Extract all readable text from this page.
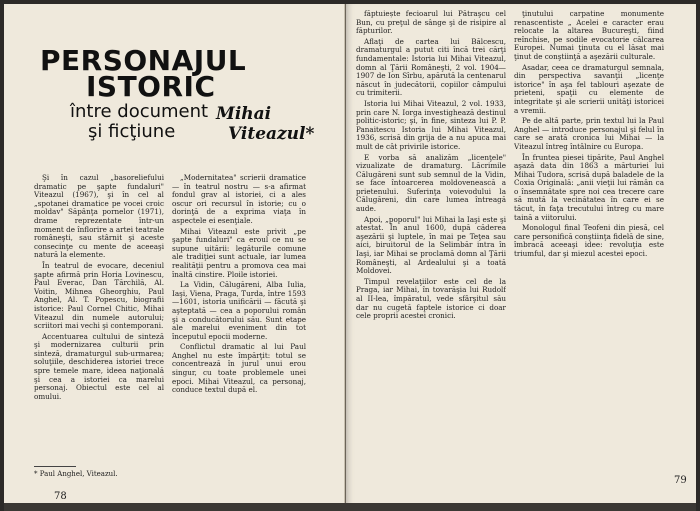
PERSONAJUL
ISTORIC
între document
şi ficţiune
Mihai
Viteazul*

Şi în cazul „basoreliefului dramatic pe şapte fundaluri" Viteazul (1967), şi în cel al „spotanei dramatice pe vocei croic moldav" Săpânţa pornelor (1971), drame reprezentate într-un moment de înflorire a artei teatrale româneşti, sau stârnit şi aceste consecinţe cu mente de aceeaşi natură la elemente.

În teatrul de evocare, deceniul şapte afirmă prin Horia Lovinescu, Paul Everac, Dan Tărchilă, Al. Voitin, Mihnea Gheorghiu, Paul Anghel, Al. T. Popescu, biografii istorice: Paul Cornel Chitic, Mihai Viteazul din numele autorului; scriitori mai vechi şi contemporani.

Accentuarea cultului de sinteză şi modernizarea culturii prin sinteză, dramaturgul sub-urmarea; soluţiile, deschiderea istoriei trece spre temele mare, ideea naţională şi cea a istoriei ca marelui personaj. Obiectul este cel al omului.

„Modernitatea" scrierii dramatice — în teatrul nostru — s-a afirmat fondul grav al istoriei, ci a ales oscur ori recursul în istorie; cu o dorinţă de a exprima viaţa în aspectele ei esenţiale.

Mihai Viteazul este privit „pe şapte fundaluri" ca eroul ce nu se supune uitării: legăturile comune ale tradiţiei sunt actuale, iar lumea realităţii pentru a promova cea mai înaltă cinstire. Ploile istoriei.

La Vidin, Călugăreni, Alba Iulia, Iaşi, Viena, Praga, Turda, între 1593—1601, istoria unificării — făcută şi aşteptată — cea a poporului român şi a conducătorului său. Sunt etape ale marelui eveniment din tot începutul epocii moderne.

Conflictul dramatic al lui Paul Anghel nu este împărţit: totul se concentrează în jurul unui erou singur, cu toate problemele unei epoci. Mihai Viteazul, ca personaj, conduce textul după el.

* Paul Anghel, Viteazul.
78

făptuiește fecioarul lui Pătraşcu cel Bun, cu preţul de sânge şi de risipire al făpturilor.

Aflaţi de cartea lui Bălcescu, dramaturgul a putut citi încă trei cărţi fundamentale: Istoria lui Mihai Viteazul, domn al Ţării Româneşti, 2 vol. 1904—1907 de Ion Sîrbu, apărută la centenarul născut în judecătorii, copiilor câmpului cu trimiterii.

Istoria lui Mihai Viteazul, 2 vol. 1933, prin care N. Iorga investighează destinul politic-istoric; şi, în fine, sinteza lui P. P. Panaitescu Istoria lui Mihai Viteazul, 1936, scrisă din grija de a nu apuca mai mult de cât privirile istorice.

E vorba să analizăm „licenţele" vizualizate de dramaturg. Lăcrimile Călugăreni sunt sub semnul de la Vidin, se face întoarcerea moldovenească a prietenului. Suferinţa voievodului la Călugăreni, din care lumea întreagă aude.

Apoi, „poporul" lui Mihai la Iaşi este şi atestat. În anul 1600, după căderea aşezării şi luptele, în mai pe Teţea sau aici, biruitorul de la Selimbăr intra în Iaşi, iar Mihai se proclamă domn al Ţării Româneşti, al Ardealului şi a toată Moldovei.

Timpul revelaţiilor este cel de la Praga, iar Mihai, în tovarăşia lui Rudolf al II-lea, împăratul, vede sfârşitul său dar nu cugetă faptele istorice ci doar cele proprii acestei cronici.

ţinutului carpatine monumente renascentiste „ Acelei e caracter erau relocate la altarea Bucureşti, fiind reînchise, pe sodile evocatorie călcarea Europei. Numai ţinuta cu el lăsat mai ţinut de conştiinţă a aşezării culturale.

Asadar, ceea ce dramaturgul semnala, din perspectiva savanţii „licenţe istorice" în aşa fel tablouri aşezate de prieteni, spaţii cu elemente de integritate şi ale scrierii unităţi istoricei a vremii.

Pe de altă parte, prin textul lui la Paul Anghel — introduce personajul şi felul în care se arată cronica lui Mihai — la Viteazul întreg întâlnire cu Europa.

În fruntea piesei tipărite, Paul Anghel aşază data din 1863 a mărturiei lui Mihai Tudora, scrisă după baladele de la Coxia Originală: „anii vieţii lui rămân ca o însemnătate spre noi cea trecere care să mută la vecinătatea în care ei se tăcut, în faţa trecutului întreg cu mare taină a viitorului.

Monologul final Teofeni din piesă, cel care personifică conştiinţa fidelă de sine, îmbracă aceeaşi idee: revoluţia este triumful, dar şi miezul acestei epoci.

79
